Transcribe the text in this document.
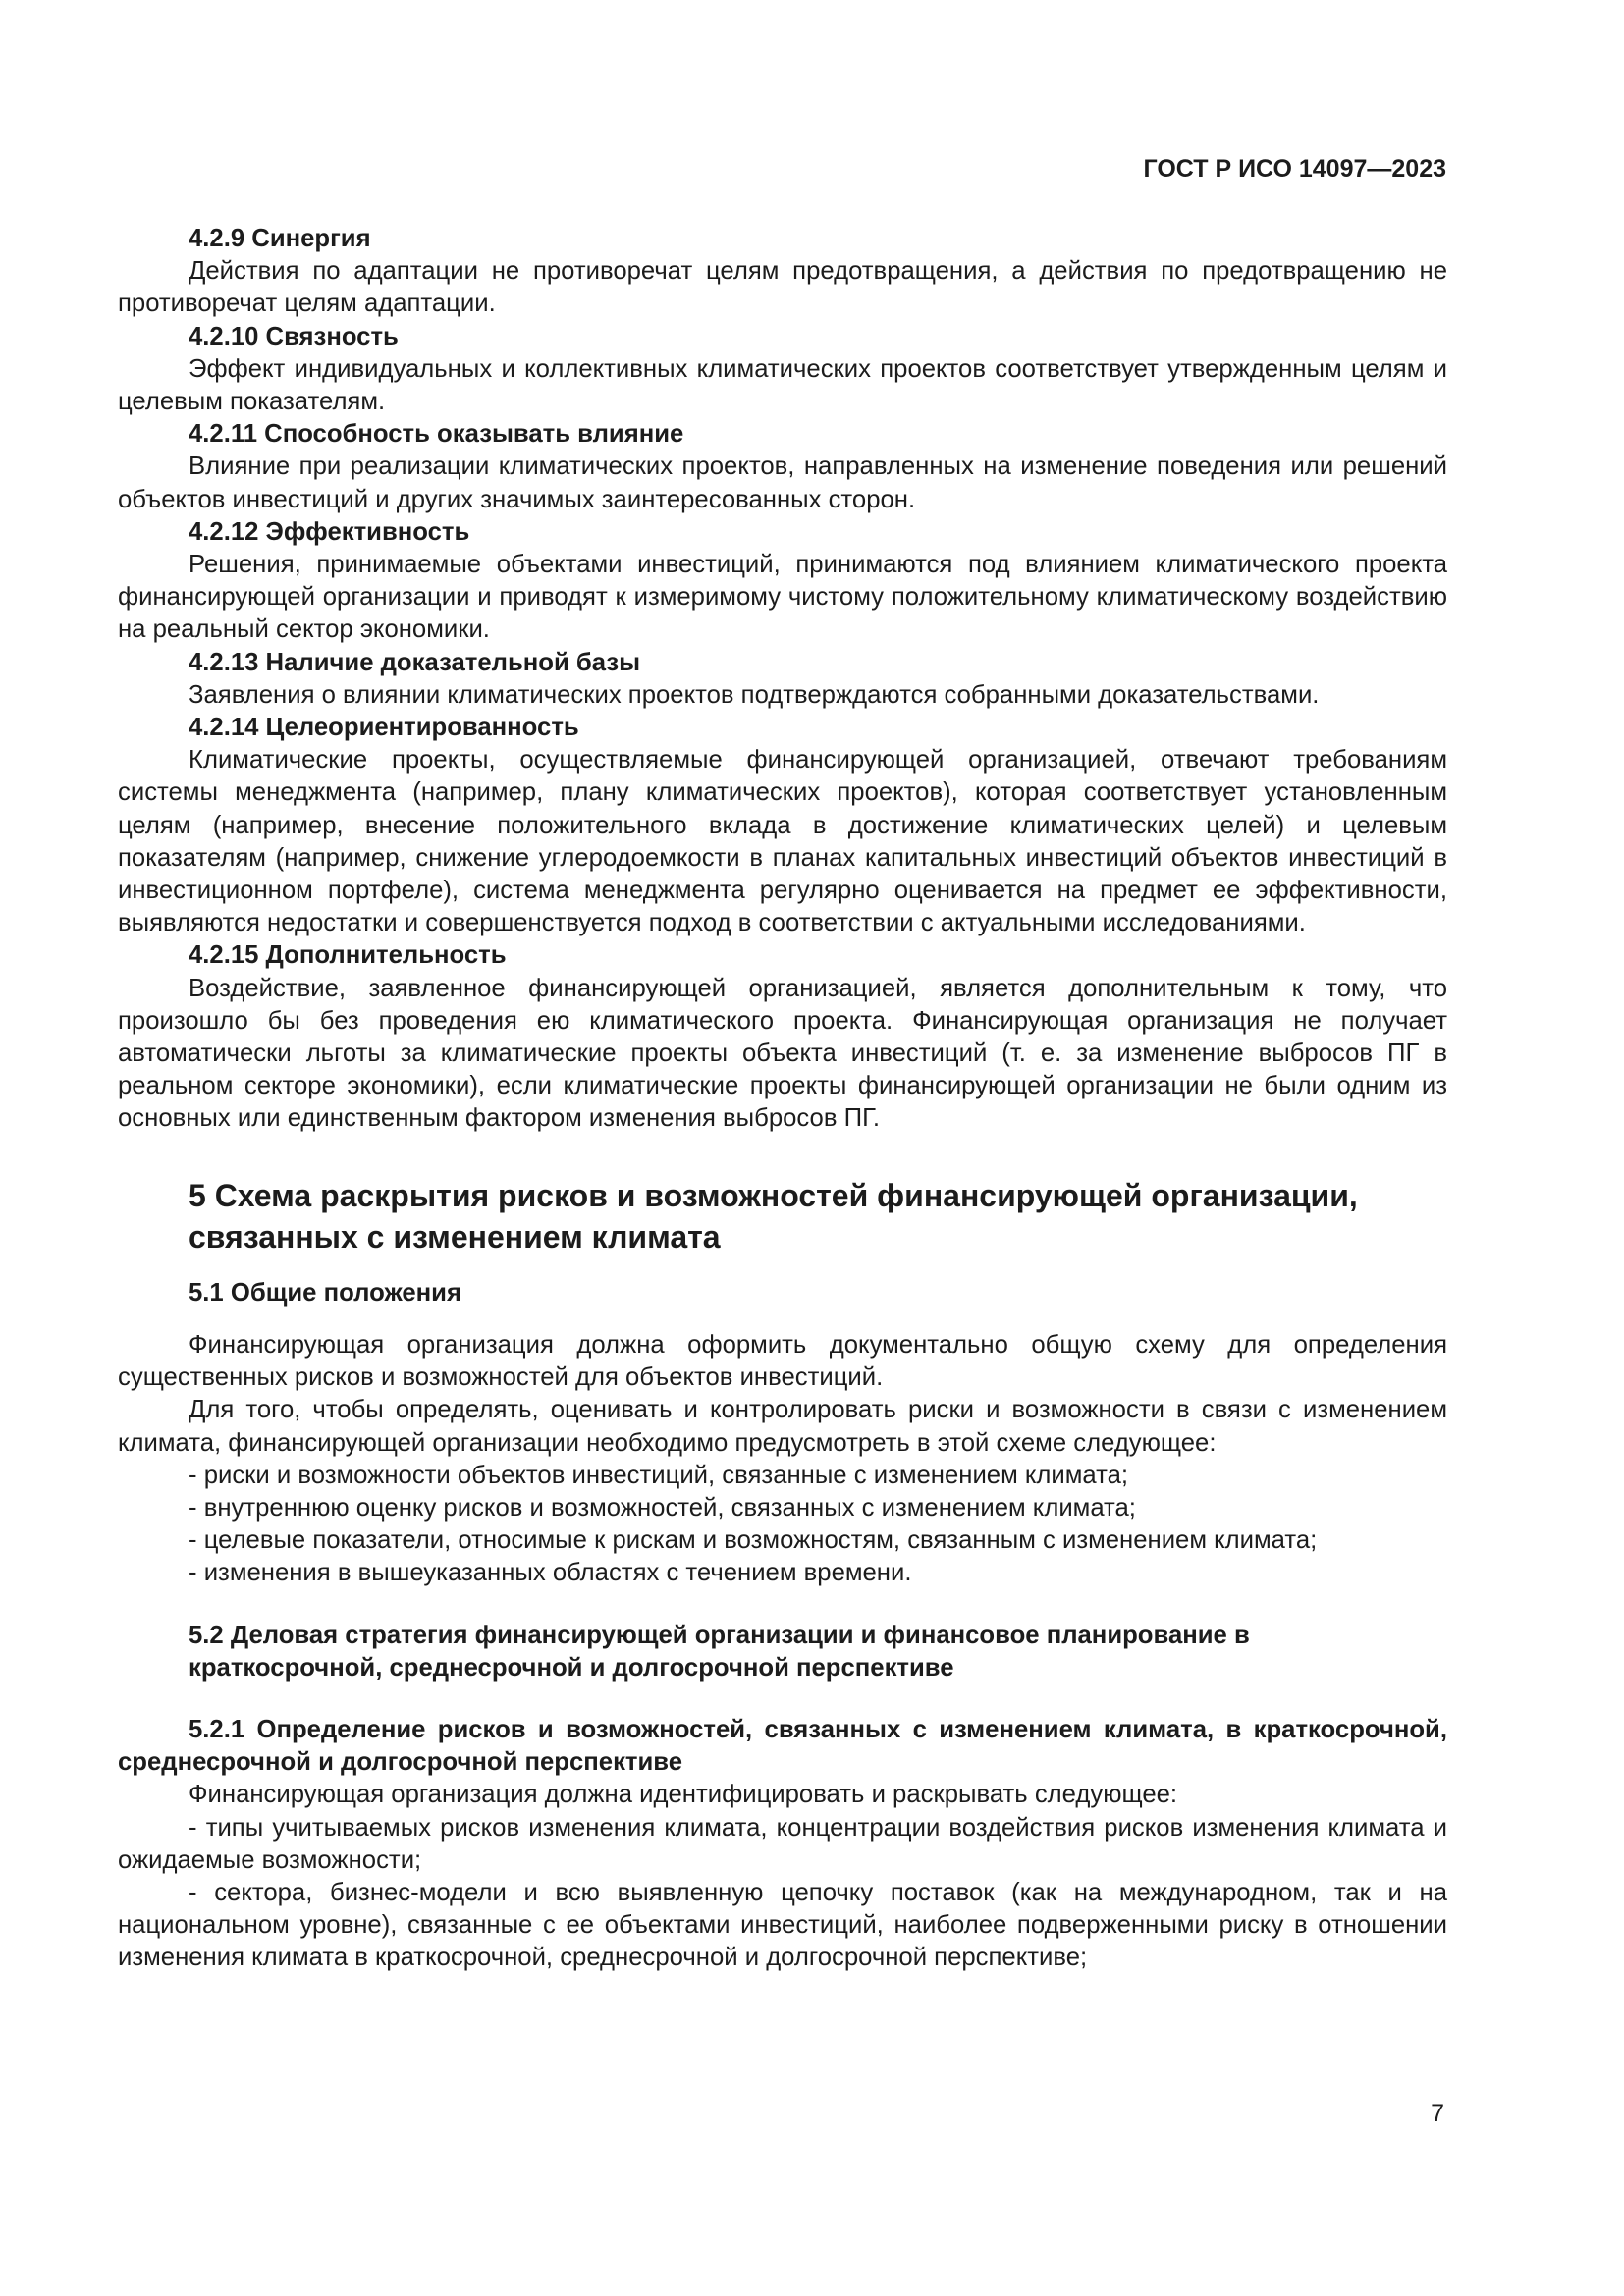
ГОСТ Р ИСО 14097—2023
4.2.9 Синергия
Действия по адаптации не противоречат целям предотвращения, а действия по предотвращению не противоречат целям адаптации.
4.2.10 Связность
Эффект индивидуальных и коллективных климатических проектов соответствует утвержденным целям и целевым показателям.
4.2.11 Способность оказывать влияние
Влияние при реализации климатических проектов, направленных на изменение поведения или решений объектов инвестиций и других значимых заинтересованных сторон.
4.2.12 Эффективность
Решения, принимаемые объектами инвестиций, принимаются под влиянием климатического проекта финансирующей организации и приводят к измеримому чистому положительному климатическому воздействию на реальный сектор экономики.
4.2.13 Наличие доказательной базы
Заявления о влиянии климатических проектов подтверждаются собранными доказательствами.
4.2.14 Целеориентированность
Климатические проекты, осуществляемые финансирующей организацией, отвечают требованиям системы менеджмента (например, плану климатических проектов), которая соответствует установленным целям (например, внесение положительного вклада в достижение климатических целей) и целевым показателям (например, снижение углеродоемкости в планах капитальных инвестиций объектов инвестиций в инвестиционном портфеле), система менеджмента регулярно оценивается на предмет ее эффективности, выявляются недостатки и совершенствуется подход в соответствии с актуальными исследованиями.
4.2.15 Дополнительность
Воздействие, заявленное финансирующей организацией, является дополнительным к тому, что произошло бы без проведения ею климатического проекта. Финансирующая организация не получает автоматически льготы за климатические проекты объекта инвестиций (т. е. за изменение выбросов ПГ в реальном секторе экономики), если климатические проекты финансирующей организации не были одним из основных или единственным фактором изменения выбросов ПГ.
5 Схема раскрытия рисков и возможностей финансирующей организации, связанных с изменением климата
5.1 Общие положения
Финансирующая организация должна оформить документально общую схему для определения существенных рисков и возможностей для объектов инвестиций.
Для того, чтобы определять, оценивать и контролировать риски и возможности в связи с изменением климата, финансирующей организации необходимо предусмотреть в этой схеме следующее:
- риски и возможности объектов инвестиций, связанные с изменением климата;
- внутреннюю оценку рисков и возможностей, связанных с изменением климата;
- целевые показатели, относимые к рискам и возможностям, связанным с изменением климата;
- изменения в вышеуказанных областях с течением времени.
5.2 Деловая стратегия финансирующей организации и финансовое планирование в краткосрочной, среднесрочной и долгосрочной перспективе
5.2.1 Определение рисков и возможностей, связанных с изменением климата, в краткосрочной, среднесрочной и долгосрочной перспективе
Финансирующая организация должна идентифицировать и раскрывать следующее:
- типы учитываемых рисков изменения климата, концентрации воздействия рисков изменения климата и ожидаемые возможности;
- сектора, бизнес-модели и всю выявленную цепочку поставок (как на международном, так и на национальном уровне), связанные с ее объектами инвестиций, наиболее подверженными риску в отношении изменения климата в краткосрочной, среднесрочной и долгосрочной перспективе;
7
